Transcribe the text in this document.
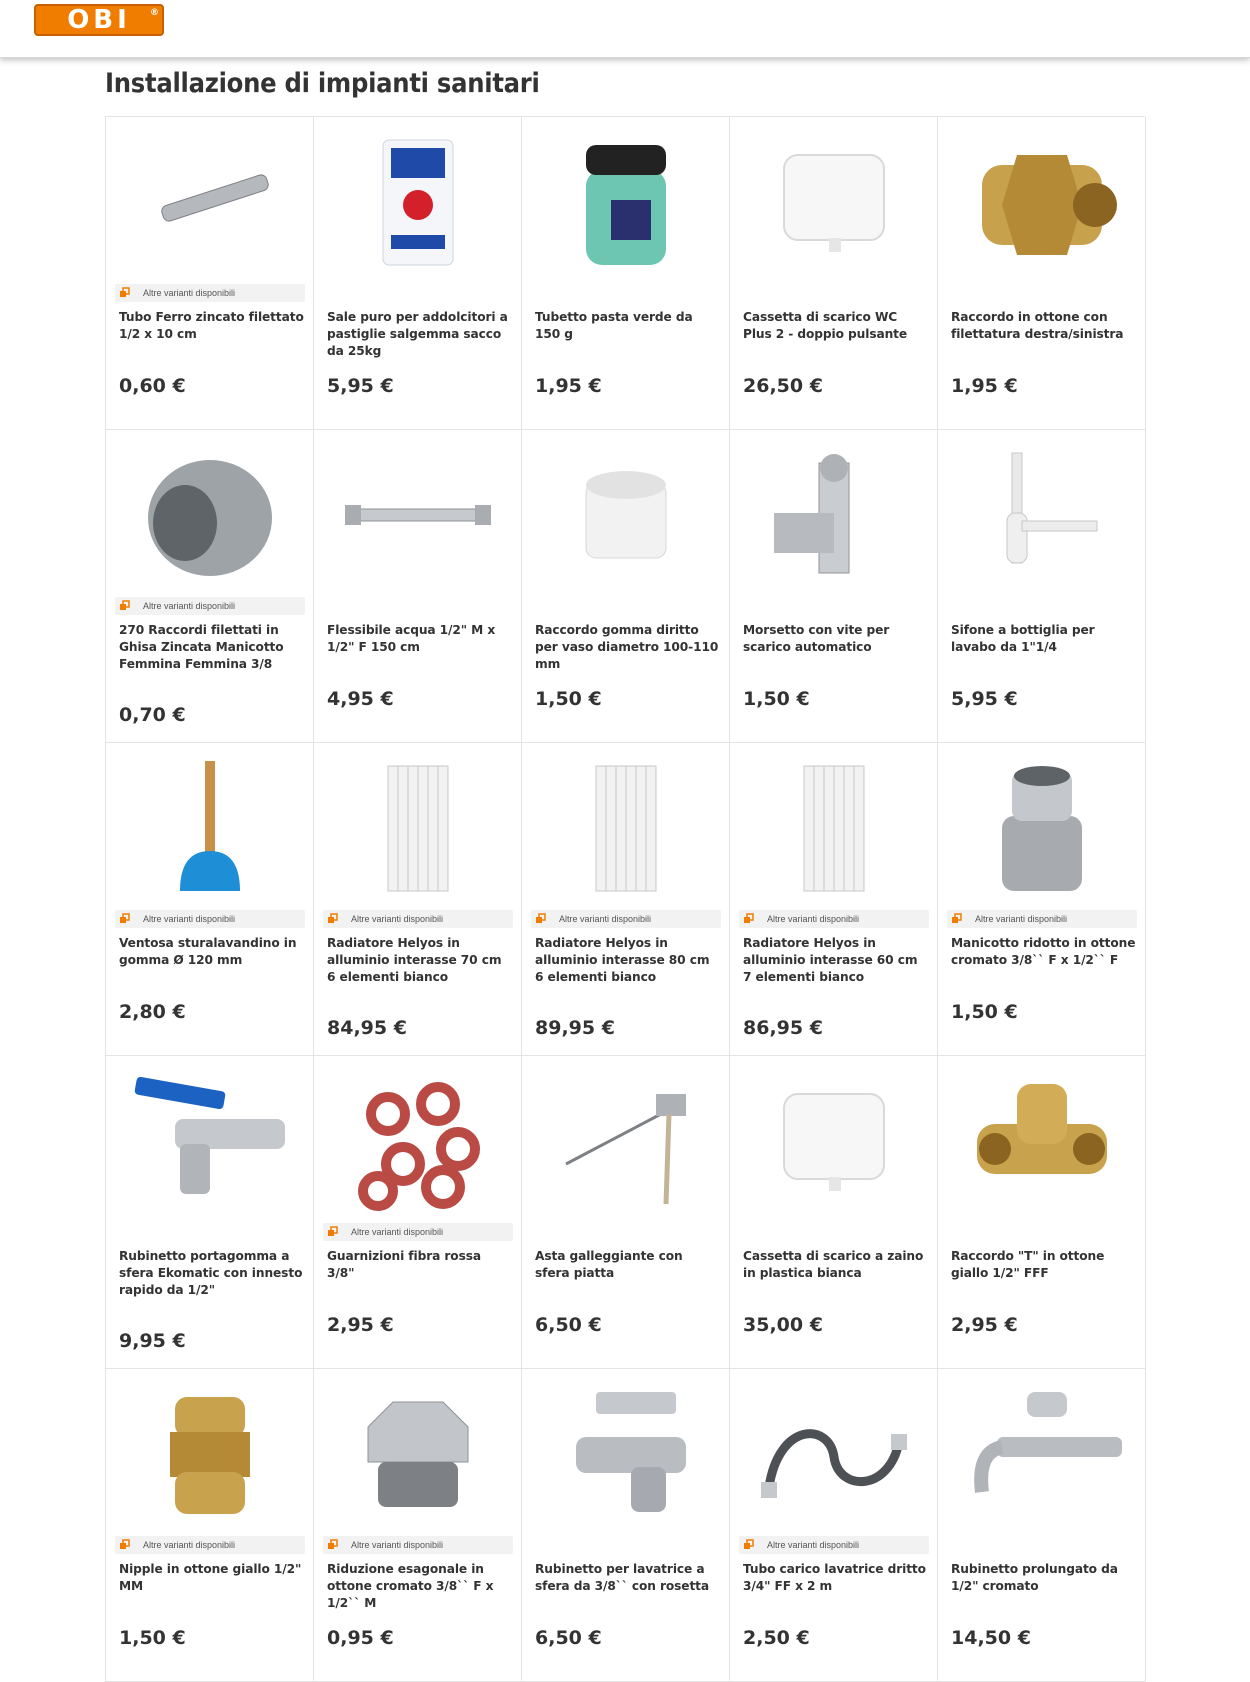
OBI ®
Installazione di impianti sanitari
Altre varianti disponibili
Tubo Ferro zincato filettato 1/2 x 10 cm
0,60 €
Sale puro per addolcitori a pastiglie salgemma sacco da 25kg
5,95 €
Tubetto pasta verde da 150 g
1,95 €
Cassetta di scarico WC Plus 2 - doppio pulsante
26,50 €
Raccordo in ottone con filettatura destra/sinistra
1,95 €
Altre varianti disponibili
270 Raccordi filettati in Ghisa Zincata Manicotto Femmina Femmina 3/8
0,70 €
Flessibile acqua 1/2" M x 1/2" F 150 cm
4,95 €
Raccordo gomma diritto per vaso diametro 100-110 mm
1,50 €
Morsetto con vite per scarico automatico
1,50 €
Sifone a bottiglia per lavabo da 1"1/4
5,95 €
Altre varianti disponibili
Ventosa sturalavandino in gomma Ø 120 mm
2,80 €
Altre varianti disponibili
Radiatore Helyos in alluminio interasse 70 cm 6 elementi bianco
84,95 €
Altre varianti disponibili
Radiatore Helyos in alluminio interasse 80 cm 6 elementi bianco
89,95 €
Altre varianti disponibili
Radiatore Helyos in alluminio interasse 60 cm 7 elementi bianco
86,95 €
Altre varianti disponibili
Manicotto ridotto in ottone cromato 3/8`` F x 1/2`` F
1,50 €
Rubinetto portagomma a sfera Ekomatic con innesto rapido da 1/2"
9,95 €
Altre varianti disponibili
Guarnizioni fibra rossa 3/8"
2,95 €
Asta galleggiante con sfera piatta
6,50 €
Cassetta di scarico a zaino in plastica bianca
35,00 €
Raccordo "T" in ottone giallo 1/2" FFF
2,95 €
Altre varianti disponibili
Nipple in ottone giallo 1/2" MM
1,50 €
Altre varianti disponibili
Riduzione esagonale in ottone cromato 3/8`` F x 1/2`` M
0,95 €
Rubinetto per lavatrice a sfera da 3/8`` con rosetta
6,50 €
Altre varianti disponibili
Tubo carico lavatrice dritto 3/4" FF x 2 m
2,50 €
Rubinetto prolungato da 1/2" cromato
14,50 €
